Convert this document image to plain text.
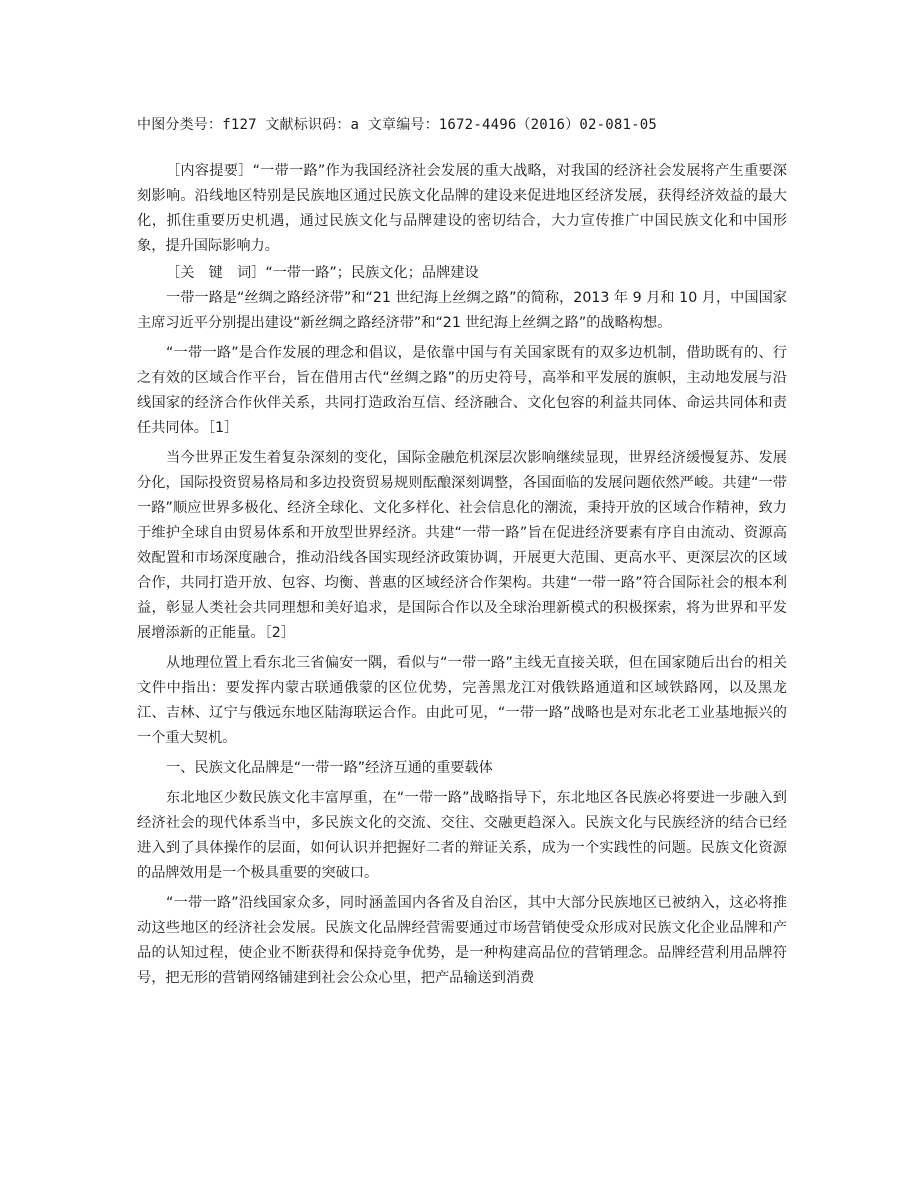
中图分类号：f127 文献标识码：a 文章编号：1672-4496（2016）02-081-05

［内容提要］“一带一路”作为我国经济社会发展的重大战略，对我国的经济社会发展将产生重要深刻影响。沿线地区特别是民族地区通过民族文化品牌的建设来促进地区经济发展，获得经济效益的最大化，抓住重要历史机遇，通过民族文化与品牌建设的密切结合，大力宣传推广中国民族文化和中国形象，提升国际影响力。

［关　键　词］“一带一路”；民族文化；品牌建设

一带一路是“丝绸之路经济带”和“21 世纪海上丝绸之路”的简称，2013 年 9 月和 10 月，中国国家主席习近平分别提出建设“新丝绸之路经济带”和“21 世纪海上丝绸之路”的战略构想。

“一带一路”是合作发展的理念和倡议，是依靠中国与有关国家既有的双多边机制，借助既有的、行之有效的区域合作平台，旨在借用古代“丝绸之路”的历史符号，高举和平发展的旗帜，主动地发展与沿线国家的经济合作伙伴关系，共同打造政治互信、经济融合、文化包容的利益共同体、命运共同体和责任共同体。［1］

当今世界正发生着复杂深刻的变化，国际金融危机深层次影响继续显现，世界经济缓慢复苏、发展分化，国际投资贸易格局和多边投资贸易规则酝酿深刻调整，各国面临的发展问题依然严峻。共建“一带一路”顺应世界多极化、经济全球化、文化多样化、社会信息化的潮流，秉持开放的区域合作精神，致力于维护全球自由贸易体系和开放型世界经济。共建“一带一路”旨在促进经济要素有序自由流动、资源高效配置和市场深度融合，推动沿线各国实现经济政策协调，开展更大范围、更高水平、更深层次的区域合作，共同打造开放、包容、均衡、普惠的区域经济合作架构。共建“一带一路”符合国际社会的根本利益，彰显人类社会共同理想和美好追求，是国际合作以及全球治理新模式的积极探索，将为世界和平发展增添新的正能量。［2］

从地理位置上看东北三省偏安一隅，看似与“一带一路”主线无直接关联，但在国家随后出台的相关文件中指出：要发挥内蒙古联通俄蒙的区位优势，完善黑龙江对俄铁路通道和区域铁路网，以及黑龙江、吉林、辽宁与俄远东地区陆海联运合作。由此可见，“一带一路”战略也是对东北老工业基地振兴的一个重大契机。

一、民族文化品牌是“一带一路”经济互通的重要载体

东北地区少数民族文化丰富厚重，在“一带一路”战略指导下，东北地区各民族必将要进一步融入到经济社会的现代体系当中，多民族文化的交流、交往、交融更趋深入。民族文化与民族经济的结合已经进入到了具体操作的层面，如何认识并把握好二者的辩证关系，成为一个实践性的问题。民族文化资源的品牌效用是一个极具重要的突破口。

“一带一路”沿线国家众多，同时涵盖国内各省及自治区，其中大部分民族地区已被纳入，这必将推动这些地区的经济社会发展。民族文化品牌经营需要通过市场营销使受众形成对民族文化企业品牌和产品的认知过程，使企业不断获得和保持竞争优势，是一种构建高品位的营销理念。品牌经营利用品牌符号，把无形的营销网络铺建到社会公众心里，把产品输送到消费
